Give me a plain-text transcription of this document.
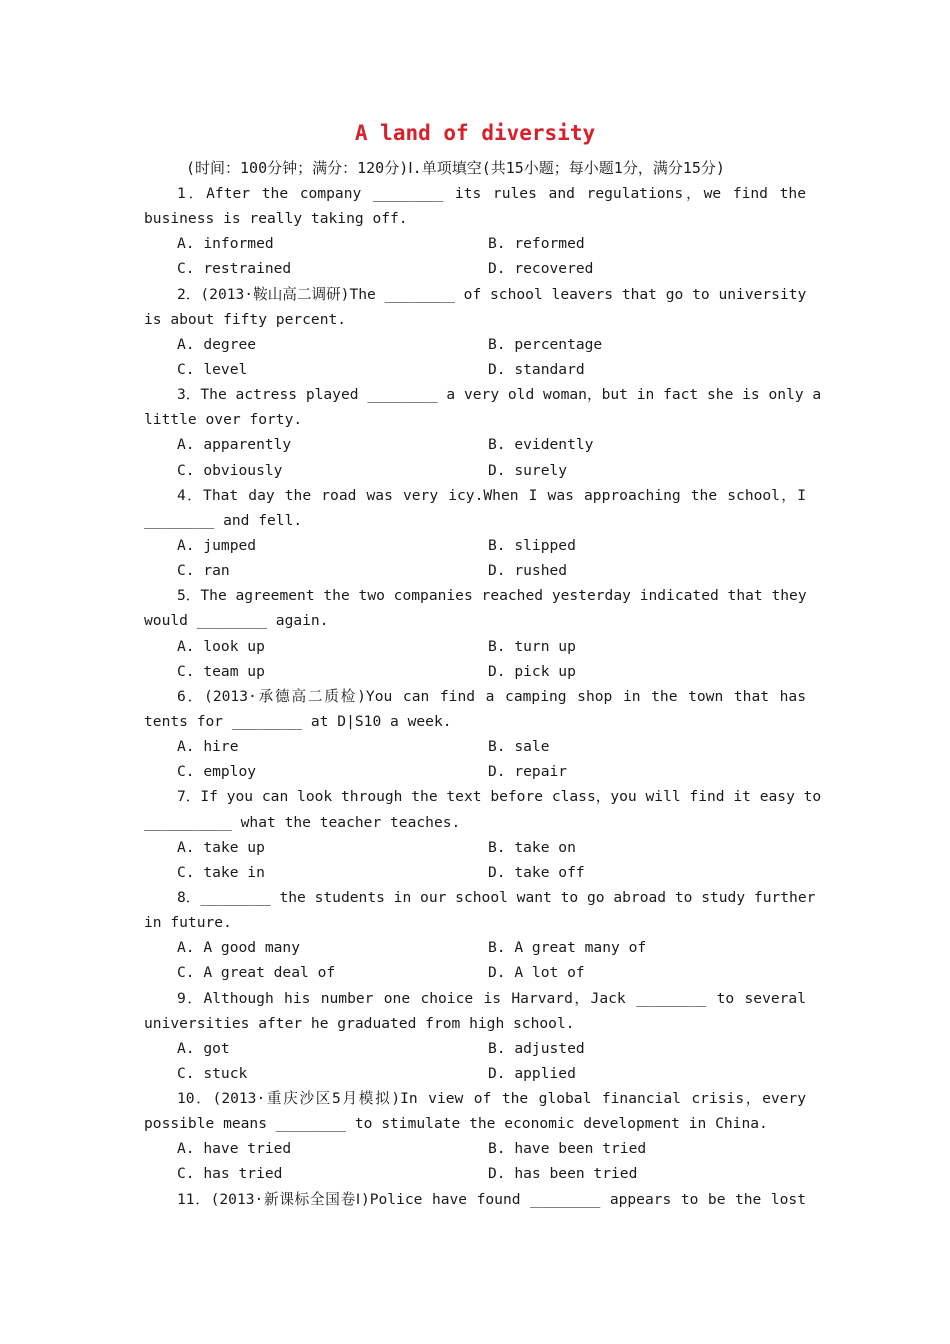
A land of diversity
(时间：100分钟；满分：120分)Ⅰ.单项填空(共15小题；每小题1分，满分15分)
1．After the company ________ its rules and regulations，we find the
business is really taking off.
A. informed	B. reformed
C. restrained	D. recovered
2．(2013·鞍山高二调研)The ________ of school leavers that go to university
is about fifty percent.
A. degree	B. percentage
C. level	D. standard
3．The actress played ________ a very old woman，but in fact she is only a
little over forty.
A. apparently	B. evidently
C. obviously	D. surely
4．That day the road was very icy.When I was approaching the school，I
________ and fell.
A. jumped	B. slipped
C. ran	D. rushed
5．The agreement the two companies reached yesterday indicated that they
would ________ again.
A. look up	B. turn up
C. team up	D. pick up
6．(2013·承德高二质检)You can find a camping shop in the town that has
tents for ________ at D|S10 a week.
A. hire	B. sale
C. employ	D. repair
7．If you can look through the text before class，you will find it easy to
__________ what the teacher teaches.
A. take up	B. take on
C. take in	D. take off
8．________ the students in our school want to go abroad to study further
in future.
A. A good many	B. A great many of
C. A great deal of	D. A lot of
9．Although his number one choice is Harvard，Jack ________ to several
universities after he graduated from high school.
A. got	B. adjusted
C. stuck	D. applied
10．(2013·重庆沙区5月模拟)In view of the global financial crisis，every
possible means ________ to stimulate the economic development in China.
A. have tried	B. have been tried
C. has tried	D. has been tried
11．(2013·新课标全国卷Ⅰ)Police have found ________ appears to be the lost
